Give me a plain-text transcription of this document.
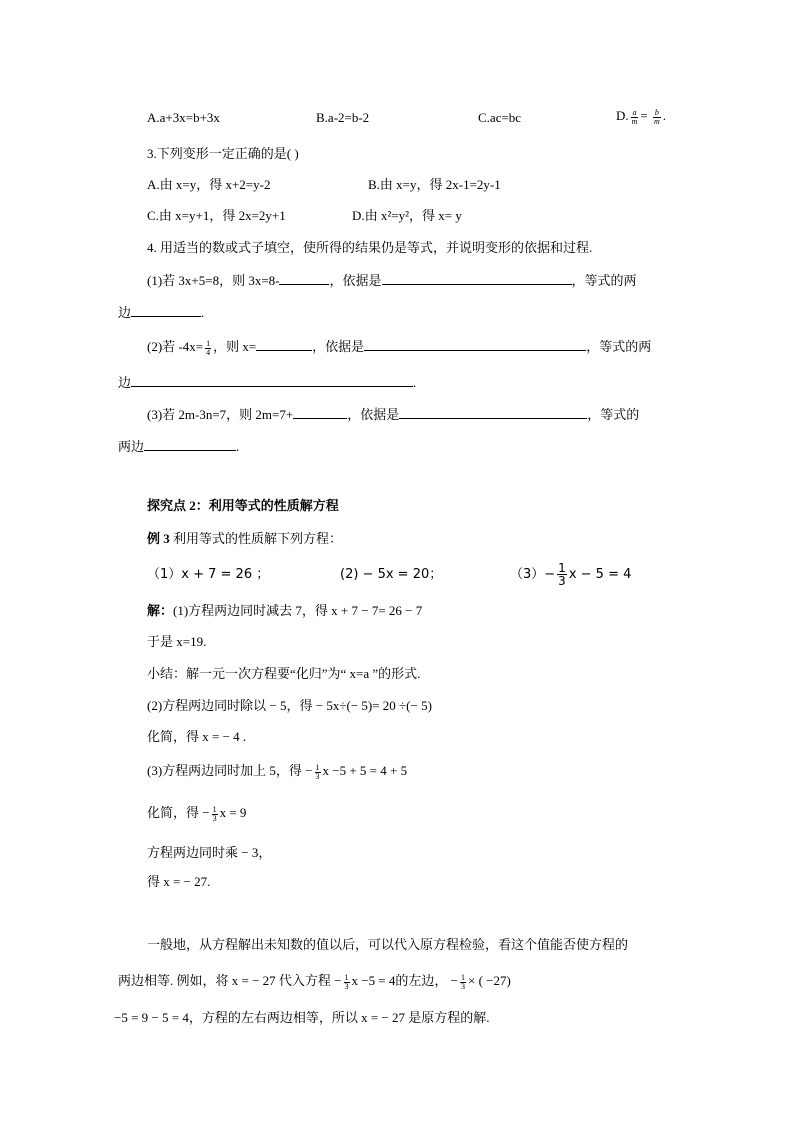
A.a+3x=b+3x	B.a-2=b-2	C.ac=bc	D. $\frac{a}{m} = \frac{b}{m}$ .
3.下列变形一定正确的是( )
A.由 x=y，得 x+2=y-2	B.由 x=y，得 2x-1=2y-1
C.由 x=y+1，得 2x=2y+1	D.由 x²=y²，得 x= y
4. 用适当的数或式子填空，使所得的结果仍是等式，并说明变形的依据和过程.
(1)若 3x+5=8，则 3x=8-	，依据是	，等式的两
边	.
(2)若 $-4x= \frac{1}{4}$ ，则 x=	，依据是	，等式的两
边	.
(3)若 2m-3n=7，则 2m=7+	，依据是	，等式的
两边	.
探究点 2：利用等式的性质解方程
例 3 利用等式的性质解下列方程：
（1）x + 7 = 26 ；	(2) − 5x = 20；	$(3)- \frac{1}{3}$ x − 5 = 4
解：(1)方程两边同时减去 7，得 x + 7 − 7= 26 − 7
于是 x=19.
小结：解一元一次方程要“化归”为“ x=a ”的形式.
(2)方程两边同时除以 − 5，得 − 5x÷(− 5)= 20 ÷(− 5)
化简，得 x = − 4 .
(3)方程两边同时加上 5，得 − $\frac{1}{3}$ x −5 + 5 = 4 + 5
化简，得 − $\frac{1}{3}$ x = 9
方程两边同时乘 − 3，
得 x = − 27.
一般地，从方程解出未知数的值以后，可以代入原方程检验，看这个值能否使方程的
两边相等. 例如，将 x = − 27 代入方程 − $\frac{1}{3}$ x −5 = 4的左边， − $\frac{1}{3}$ × ( −27)
−5 = 9 − 5 = 4，方程的左右两边相等，所以 x = − 27 是原方程的解.
